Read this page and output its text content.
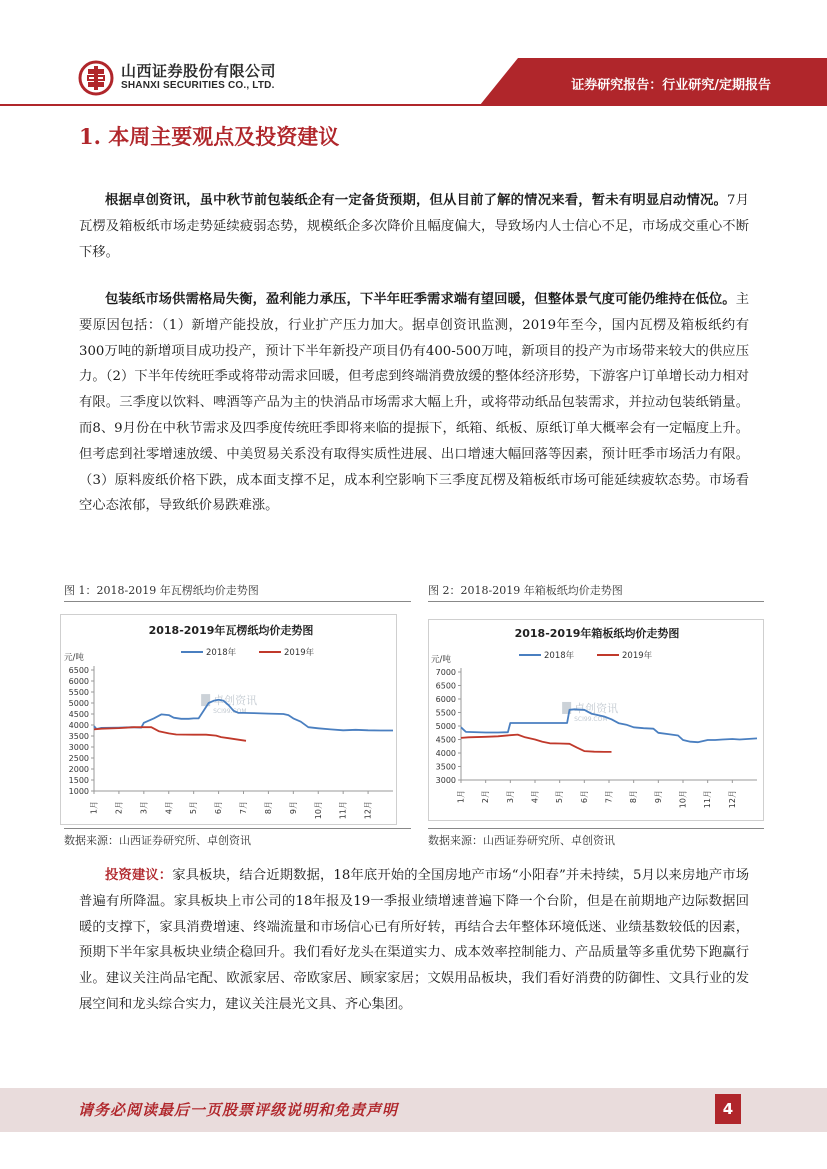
山西证券股份有限公司
SHANXI SECURITIES CO., LTD.	证券研究报告：行业研究/定期报告
1. 本周主要观点及投资建议
根据卓创资讯，虽中秋节前包装纸企有一定备货预期，但从目前了解的情况来看，暂未有明显启动情况。7月瓦楞及箱板纸市场走势延续疲弱态势，规模纸企多次降价且幅度偏大，导致场内人士信心不足，市场成交重心不断下移。
包装纸市场供需格局失衡，盈利能力承压，下半年旺季需求端有望回暖，但整体景气度可能仍维持在低位。主要原因包括：（1）新增产能投放，行业扩产压力加大。据卓创资讯监测，2019年至今，国内瓦楞及箱板纸约有300万吨的新增项目成功投产，预计下半年新投产项目仍有400-500万吨，新项目的投产为市场带来较大的供应压力。（2）下半年传统旺季或将带动需求回暖，但考虑到终端消费放缓的整体经济形势，下游客户订单增长动力相对有限。三季度以饮料、啤酒等产品为主的快消品市场需求大幅上升，或将带动纸品包装需求，并拉动包装纸销量。而8、9月份在中秋节需求及四季度传统旺季即将来临的提振下，纸箱、纸板、原纸订单大概率会有一定幅度上升。但考虑到社零增速放缓、中美贸易关系没有取得实质性进展、出口增速大幅回落等因素，预计旺季市场活力有限。（3）原料废纸价格下跌，成本面支撑不足，成本利空影响下三季度瓦楞及箱板纸市场可能延续疲软态势。市场看空心态浓郁，导致纸价易跌难涨。
图 1：2018-2019 年瓦楞纸均价走势图	图 2：2018-2019 年箱板纸均价走势图
2018-2019年瓦楞纸均价走势图
元/吨	2018年	2019年
1000
1500
2000
2500
3000
3500
4000
4500
5000
5500
6000
6500
1月 2月 3月 4月 5月 6月 7月 8月 9月 10月 11月 12月
卓创资讯
SCI99.COM
2018-2019年箱板纸均价走势图
元/吨	2018年	2019年
3000
3500
4000
4500
5000
5500
6000
6500
7000
1月 2月 3月 4月 5月 6月 7月 8月 9月 10月 11月 12月
卓创资讯
SCI99.COM
数据来源：山西证券研究所、卓创资讯	数据来源：山西证券研究所、卓创资讯
投资建议：家具板块，结合近期数据，18年底开始的全国房地产市场“小阳春”并未持续，5月以来房地产市场普遍有所降温。家具板块上市公司的18年报及19一季报业绩增速普遍下降一个台阶，但是在前期地产边际数据回暖的支撑下，家具消费增速、终端流量和市场信心已有所好转，再结合去年整体环境低迷、业绩基数较低的因素，预期下半年家具板块业绩企稳回升。我们看好龙头在渠道实力、成本效率控制能力、产品质量等多重优势下跑赢行业。建议关注尚品宅配、欧派家居、帝欧家居、顾家家居；文娱用品板块，我们看好消费的防御性、文具行业的发展空间和龙头综合实力，建议关注晨光文具、齐心集团。
请务必阅读最后一页股票评级说明和免责声明	4
